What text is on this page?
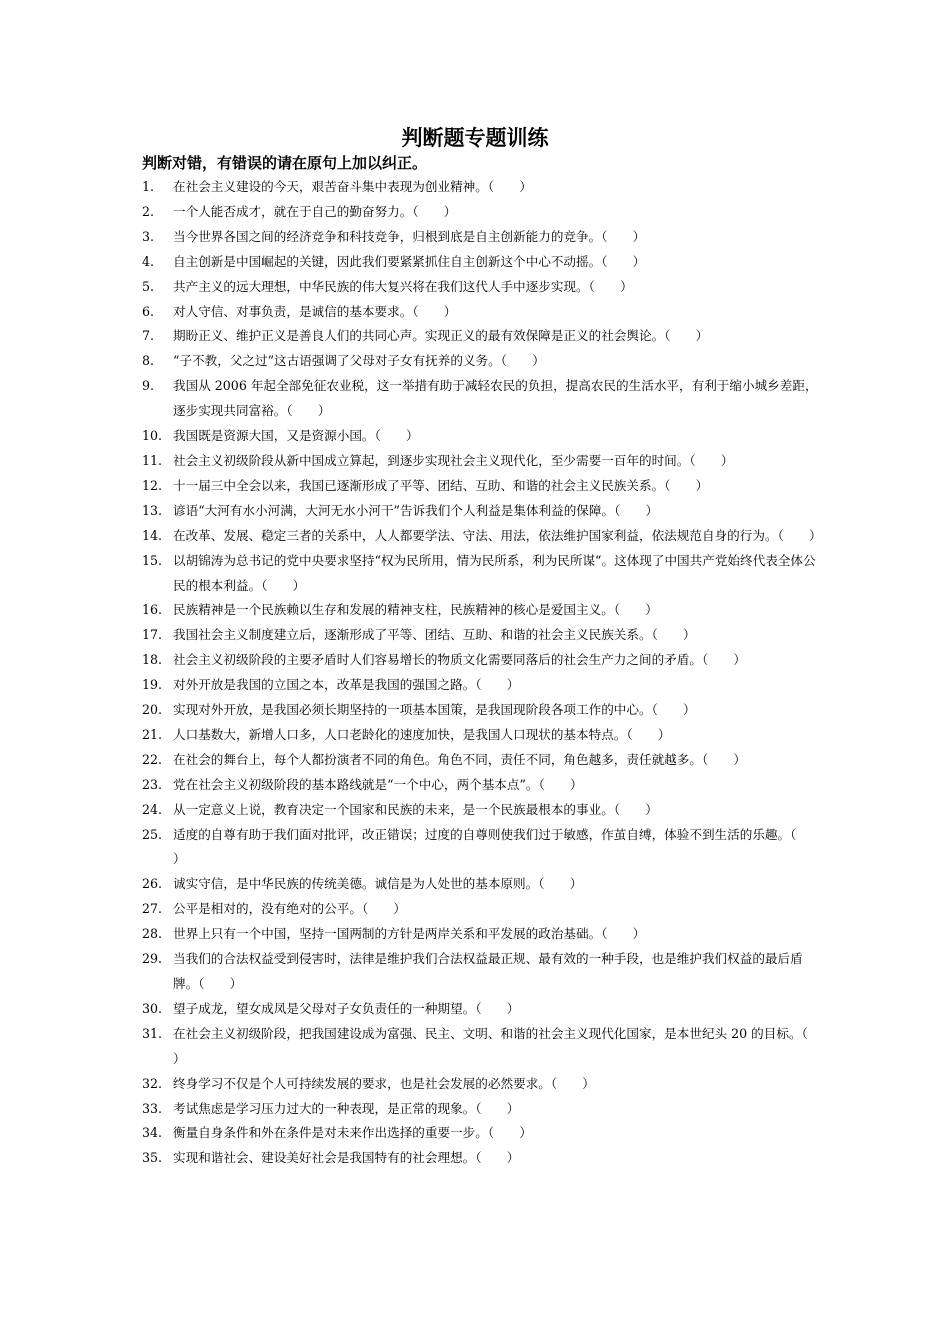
判断题专题训练

判断对错，有错误的请在原句上加以纠正。

1.	在社会主义建设的今天，艰苦奋斗集中表现为创业精神。（　　）
2.	一个人能否成才，就在于自己的勤奋努力。（　　）
3.	当今世界各国之间的经济竞争和科技竞争，归根到底是自主创新能力的竞争。（　　）
4.	自主创新是中国崛起的关键，因此我们要紧紧抓住自主创新这个中心不动摇。（　　）
5.	共产主义的远大理想，中华民族的伟大复兴将在我们这代人手中逐步实现。（　　）
6.	对人守信、对事负责，是诚信的基本要求。（　　）
7.	期盼正义、维护正义是善良人们的共同心声。实现正义的最有效保障是正义的社会舆论。（　　）
8.	“子不教，父之过”这古语强调了父母对子女有抚养的义务。（　　）
9.	我国从 2006 年起全部免征农业税，这一举措有助于减轻农民的负担，提高农民的生活水平，有利于缩小城乡差距，逐步实现共同富裕。（　　）
10. 我国既是资源大国，又是资源小国。（　　）
11. 社会主义初级阶段从新中国成立算起，到逐步实现社会主义现代化，至少需要一百年的时间。（　　）
12. 十一届三中全会以来，我国已逐渐形成了平等、团结、互助、和谐的社会主义民族关系。（　　）
13. 谚语“大河有水小河满，大河无水小河干”告诉我们个人利益是集体利益的保障。（　　）
14. 在改革、发展、稳定三者的关系中，人人都要学法、守法、用法，依法维护国家利益，依法规范自身的行为。（　　）
15. 以胡锦涛为总书记的党中央要求坚持“权为民所用，情为民所系，利为民所谋“。这体现了中国共产党始终代表全体公民的根本利益。（　　）
16. 民族精神是一个民族赖以生存和发展的精神支柱，民族精神的核心是爱国主义。（　　）
17. 我国社会主义制度建立后，逐渐形成了平等、团结、互助、和谐的社会主义民族关系。（　　）
18. 社会主义初级阶段的主要矛盾时人们容易增长的物质文化需要同落后的社会生产力之间的矛盾。（　　）
19. 对外开放是我国的立国之本，改革是我国的强国之路。（　　）
20. 实现对外开放，是我国必须长期坚持的一项基本国策，是我国现阶段各项工作的中心。（　　）
21. 人口基数大，新增人口多，人口老龄化的速度加快，是我国人口现状的基本特点。（　　）
22. 在社会的舞台上，每个人都扮演者不同的角色。角色不同，责任不同，角色越多，责任就越多。（　　）
23. 党在社会主义初级阶段的基本路线就是“一个中心，两个基本点”。（　　）
24. 从一定意义上说，教育决定一个国家和民族的未来，是一个民族最根本的事业。（　　）
25. 适度的自尊有助于我们面对批评，改正错误；过度的自尊则使我们过于敏感，作茧自缚，体验不到生活的乐趣。（　　）
26. 诚实守信，是中华民族的传统美德。诚信是为人处世的基本原则。（　　）
27. 公平是相对的，没有绝对的公平。（　　）
28. 世界上只有一个中国，坚持一国两制的方针是两岸关系和平发展的政治基础。（　　）
29. 当我们的合法权益受到侵害时，法律是维护我们合法权益最正规、最有效的一种手段，也是维护我们权益的最后盾牌。（　　）
30. 望子成龙，望女成凤是父母对子女负责任的一种期望。（　　）
31. 在社会主义初级阶段，把我国建设成为富强、民主、文明、和谐的社会主义现代化国家，是本世纪头 20 的目标。（　　）
32. 终身学习不仅是个人可持续发展的要求，也是社会发展的必然要求。（　　）
33. 考试焦虑是学习压力过大的一种表现，是正常的现象。（　　）
34. 衡量自身条件和外在条件是对未来作出选择的重要一步。（　　）
35. 实现和谐社会、建设美好社会是我国特有的社会理想。（　　）
